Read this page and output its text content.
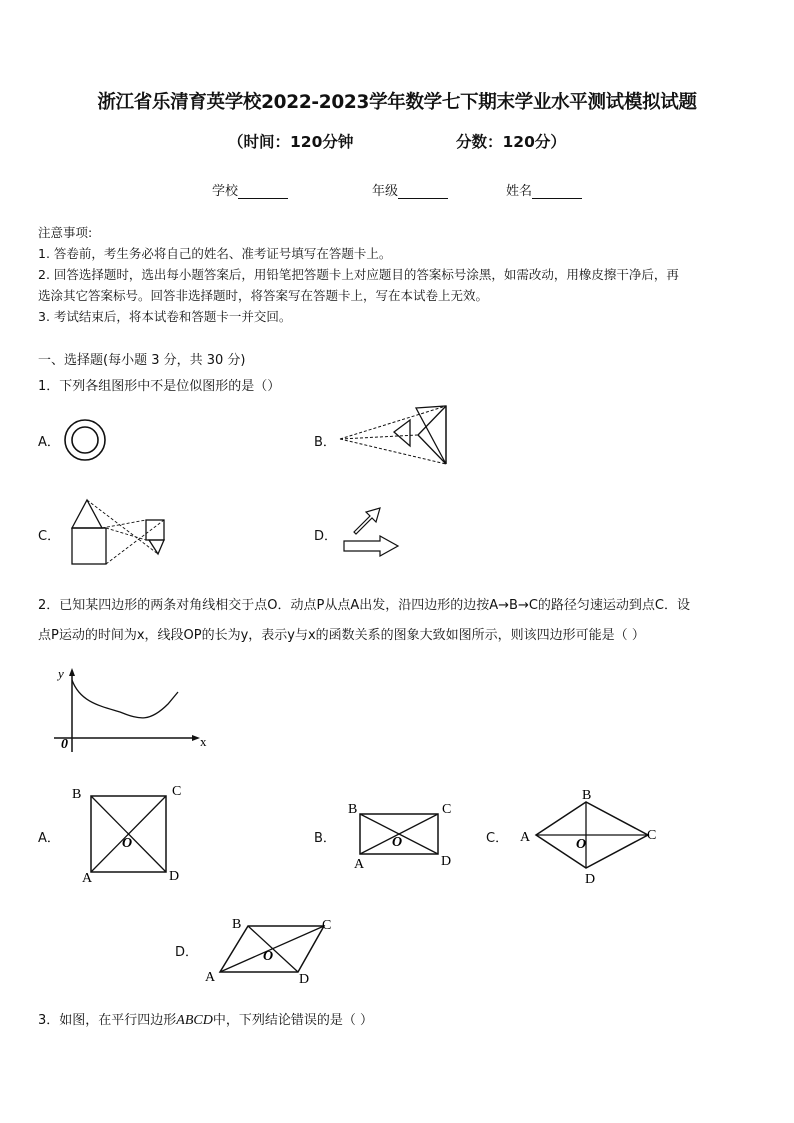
浙江省乐清育英学校2022-2023学年数学七下期末学业水平测试模拟试题
（时间：120分钟	分数：120分）
学校	年级	姓名
注意事项:
1. 答卷前，考生务必将自己的姓名、准考证号填写在答题卡上。
2. 回答选择题时，选出每小题答案后，用铅笔把答题卡上对应题目的答案标号涂黑，如需改动，用橡皮擦干净后，再
选涂其它答案标号。回答非选择题时，将答案写在答题卡上，写在本试卷上无效。
3. 考试结束后，将本试卷和答题卡一并交回。
一、选择题(每小题 3 分，共 30 分)
1．下列各组图形中不是位似图形的是（）
A．	B．
C．	D．
2．已知某四边形的两条对角线相交于点O．动点P从点A出发，沿四边形的边按A→B→C的路径匀速运动到点C．设
点P运动的时间为x，线段OP的长为y，表示y与x的函数关系的图象大致如图所示，则该四边形可能是（ ）
y
x
0
A．	B．	C．
D．
B	C
A	D
O
B	C
A	D
O
B
A	C
D
O
B	C
A	D
O
3．如图，在平行四边形ABCD中，下列结论错误的是（ ）
